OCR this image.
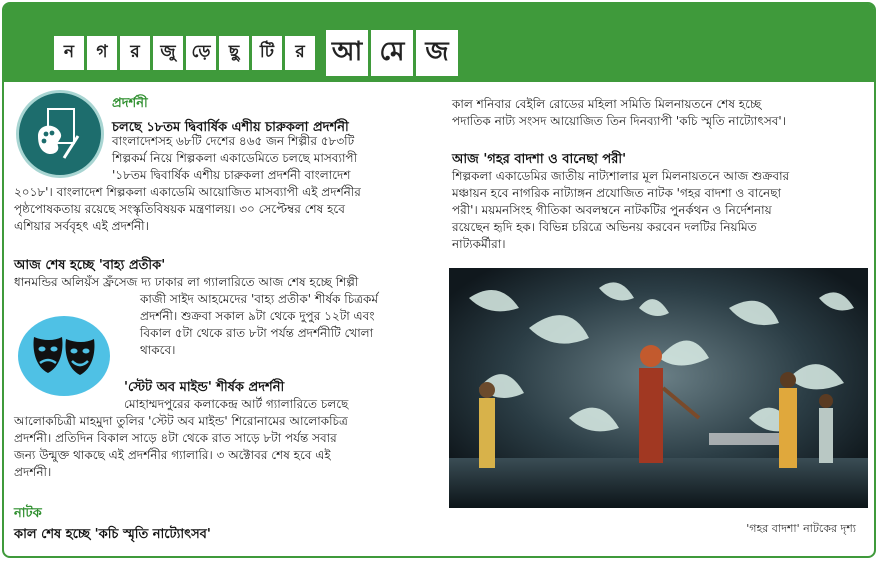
ন	গ	র	জু ড়ে	ছু	টি	র	আ মে জ
প্রদর্শনী
চলছে ১৮তম দ্বিবার্ষিক এশীয় চারুকলা প্রদর্শনী
বাংলাদেশসহ ৬৮টি দেশের ৪৬৫ জন শিল্পীর ৫৮৩টি
শিল্পকর্ম নিয়ে শিল্পকলা একাডেমিতে চলছে মাসব্যাপী
'১৮তম দ্বিবার্ষিক এশীয় চারুকলা প্রদর্শনী বাংলাদেশ
২০১৮'। বাংলাদেশ শিল্পকলা একাডেমি আয়োজিত মাসব্যাপী এই প্রদর্শনীর
পৃষ্ঠপোষকতায় রয়েছে সংস্কৃতিবিষয়ক মন্ত্রণালয়। ৩০ সেপ্টেম্বর শেষ হবে
এশিয়ার সর্ববৃহৎ এই প্রদর্শনী।
আজ শেষ হচ্ছে 'বাহ্য প্রতীক'
ধানমন্ডির অলিয়ঁস ফ্রঁসেজ দ্য ঢাকার লা গ্যালারিতে আজ শেষ হচ্ছে শিল্পী
কাজী সাইদ আহমেদের 'বাহ্য প্রতীক' শীর্ষক চিত্রকর্ম
প্রদর্শনী। শুক্রবা সকাল ৯টা থেকে দুপুর ১২টা এবং
বিকাল ৫টা থেকে রাত ৮টা পর্যন্ত প্রদর্শনীটি খোলা
থাকবে।
'স্টেট অব মাইন্ড' শীর্ষক প্রদর্শনী
মোহাম্মদপুরের কলাকেন্দ্র আর্ট গ্যালারিতে চলছে
আলোকচিত্রী মাহমুদা তুলির 'স্টেট অব মাইন্ড' শিরোনামের আলোকচিত্র
প্রদর্শনী। প্রতিদিন বিকাল সাড়ে ৪টা থেকে রাত সাড়ে ৮টা পর্যন্ত সবার
জন্য উন্মুক্ত থাকছে এই প্রদর্শনীর গ্যালারি। ৩ অক্টোবর শেষ হবে এই
প্রদর্শনী।
নাটক
কাল শেষ হচ্ছে 'কচি স্মৃতি নাট্যোৎসব'
কাল শনিবার বেইলি রোডের মহিলা সমিতি মিলনায়তনে শেষ হচ্ছে
পদাতিক নাট্য সংসদ আয়োজিত তিন দিনব্যাপী 'কচি স্মৃতি নাট্যোৎসব'।
আজ 'গহর বাদশা ও বানেছা পরী'
শিল্পকলা একাডেমির জাতীয় নাট্যশালার মূল মিলনায়তনে আজ শুক্রবার
মঞ্চায়ন হবে নাগরিক নাট্যাঙ্গন প্রযোজিত নাটক 'গহর বাদশা ও বানেছা
পরী'। ময়মনসিংহ গীতিকা অবলম্বনে নাটকটির পুনর্কথন ও নির্দেশনায়
রয়েছেন হৃদি হক। বিভিন্ন চরিত্রে অভিনয় করবেন দলটির নিয়মিত
নাট্যকর্মীরা।
'গহর বাদশা' নাটকের দৃশ্য
